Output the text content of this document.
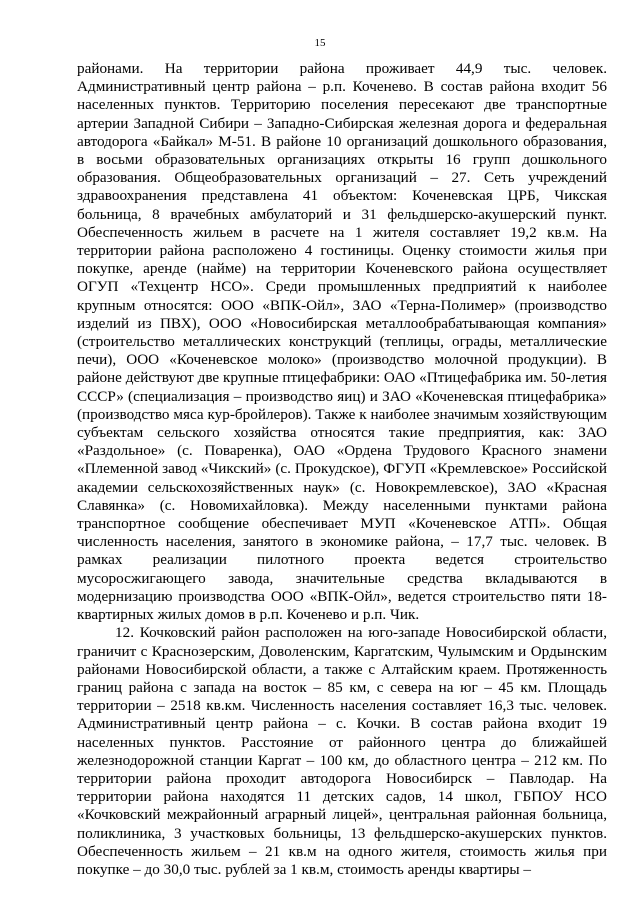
15

районами. На территории района проживает 44,9 тыс. человек. Административный центр района – р.п. Коченево. В состав района входит 56 населенных пунктов. Территорию поселения пересекают две транспортные артерии Западной Сибири – Западно-Сибирская железная дорога и федеральная автодорога «Байкал» М-51. В районе 10 организаций дошкольного образования, в восьми образовательных организациях открыты 16 групп дошкольного образования. Общеобразовательных организаций – 27. Сеть учреждений здравоохранения представлена 41 объектом: Коченевская ЦРБ, Чикская больница, 8 врачебных амбулаторий и 31 фельдшерско-акушерский пункт. Обеспеченность жильем в расчете на 1 жителя составляет 19,2 кв.м. На территории района расположено 4 гостиницы. Оценку стоимости жилья при покупке, аренде (найме) на территории Коченевского района осуществляет ОГУП «Техцентр НСО». Среди промышленных предприятий к наиболее крупным относятся: ООО «ВПК-Ойл», ЗАО «Терна-Полимер» (производство изделий из ПВХ), ООО «Новосибирская металлообрабатывающая компания» (строительство металлических конструкций (теплицы, ограды, металлические печи), ООО «Коченевское молоко» (производство молочной продукции). В районе действуют две крупные птицефабрики: ОАО «Птицефабрика им. 50-летия СССР» (специализация – производство яиц) и ЗАО «Коченевская птицефабрика» (производство мяса кур-бройлеров). Также к наиболее значимым хозяйствующим субъектам сельского хозяйства относятся такие предприятия, как: ЗАО «Раздольное» (с. Поваренка), ОАО «Ордена Трудового Красного знамени «Племенной завод «Чикский» (с. Прокудское), ФГУП «Кремлевское» Российской академии сельскохозяйственных наук» (с. Новокремлевское), ЗАО «Красная Славянка» (с. Новомихайловка). Между населенными пунктами района транспортное сообщение обеспечивает МУП «Коченевское АТП». Общая численность населения, занятого в экономике района, – 17,7 тыс. человек. В рамках реализации пилотного проекта ведется строительство мусоросжигающего завода, значительные средства вкладываются в модернизацию производства ООО «ВПК-Ойл», ведется строительство пяти 18-квартирных жилых домов в р.п. Коченево и р.п. Чик.

12. Кочковский район расположен на юго-западе Новосибирской области, граничит с Краснозерским, Доволенским, Каргатским, Чулымским и Ордынским районами Новосибирской области, а также с Алтайским краем. Протяженность границ района с запада на восток – 85 км, с севера на юг – 45 км. Площадь территории – 2518 кв.км. Численность населения составляет 16,3 тыс. человек. Административный центр района – с. Кочки. В состав района входит 19 населенных пунктов. Расстояние от районного центра до ближайшей железнодорожной станции Каргат – 100 км, до областного центра – 212 км. По территории района проходит автодорога Новосибирск – Павлодар. На территории района находятся 11 детских садов, 14 школ, ГБПОУ НСО «Кочковский межрайонный аграрный лицей», центральная районная больница, поликлиника, 3 участковых больницы, 13 фельдшерско-акушерских пунктов. Обеспеченность жильем – 21 кв.м на одного жителя, стоимость жилья при покупке – до 30,0 тыс. рублей за 1 кв.м, стоимость аренды квартиры –
